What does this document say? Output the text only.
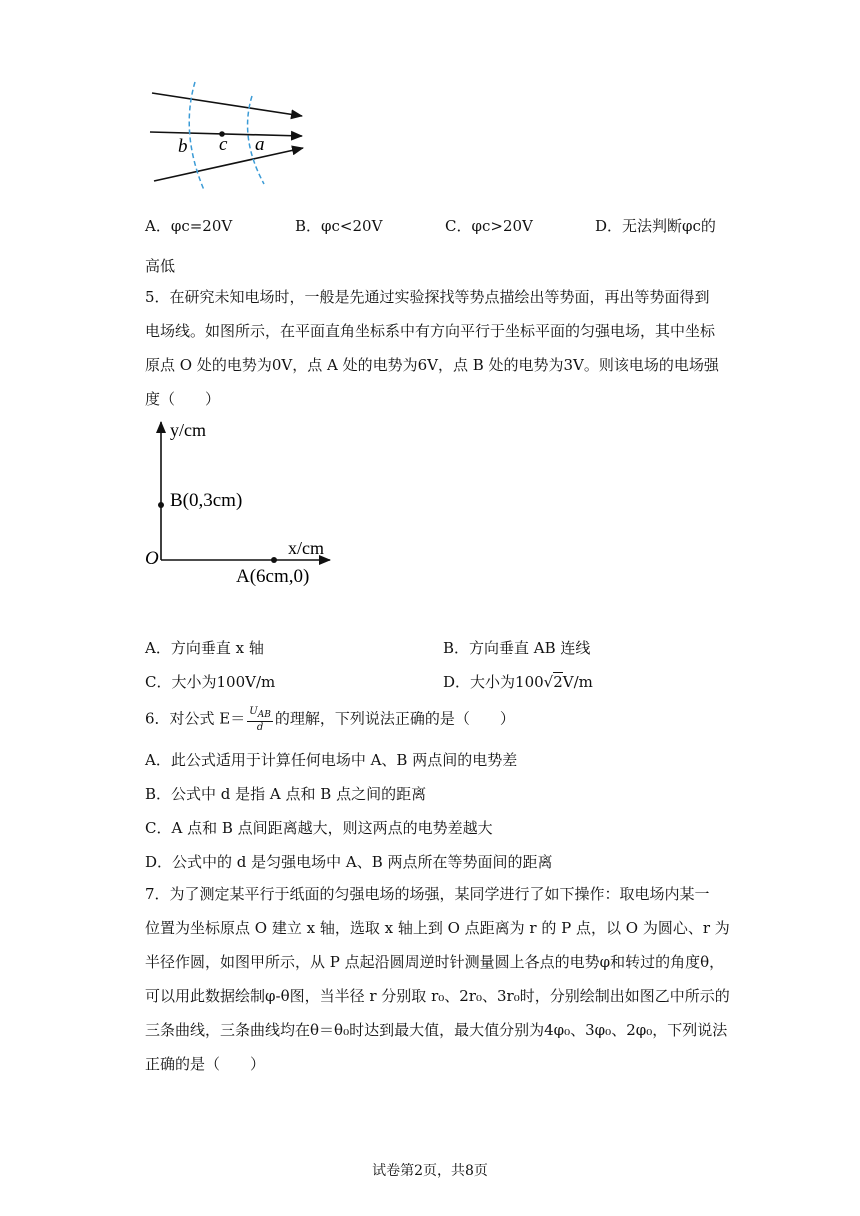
b c a
A．φc=20V	B．φc<20V	C．φc>20V	D．无法判断φc的
高低
5．在研究未知电场时，一般是先通过实验探找等势点描绘出等势面，再出等势面得到
电场线。如图所示，在平面直角坐标系中有方向平行于坐标平面的匀强电场，其中坐标
原点 O 处的电势为0V，点 A 处的电势为6V，点 B 处的电势为3V。则该电场的电场强
度（　　）
y/cm
x/cm
O
B(0,3cm)
A(6cm,0)
A．方向垂直 x 轴	B．方向垂直 AB 连线
C．大小为100V/m	D．大小为100√2V/m
6．对公式 $E= \frac{U_{AB}}{d}$ 的理解，下列说法正确的是（　　）
A．此公式适用于计算任何电场中 A、B 两点间的电势差
B．公式中 d 是指 A 点和 B 点之间的距离
C．A 点和 B 点间距离越大，则这两点的电势差越大
D．公式中的 d 是匀强电场中 A、B 两点所在等势面间的距离
7．为了测定某平行于纸面的匀强电场的场强，某同学进行了如下操作：取电场内某一
位置为坐标原点 O 建立 x 轴，选取 x 轴上到 O 点距离为 r 的 P 点，以 O 为圆心、r 为
半径作圆，如图甲所示，从 P 点起沿圆周逆时针测量圆上各点的电势φ和转过的角度θ，
可以用此数据绘制φ-θ图，当半径 r 分别取 r₀、2r₀、3r₀时，分别绘制出如图乙中所示的
三条曲线，三条曲线均在θ＝θ₀时达到最大值，最大值分别为4φ₀、3φ₀、2φ₀，下列说法
正确的是（　　）
试卷第2页，共8页
